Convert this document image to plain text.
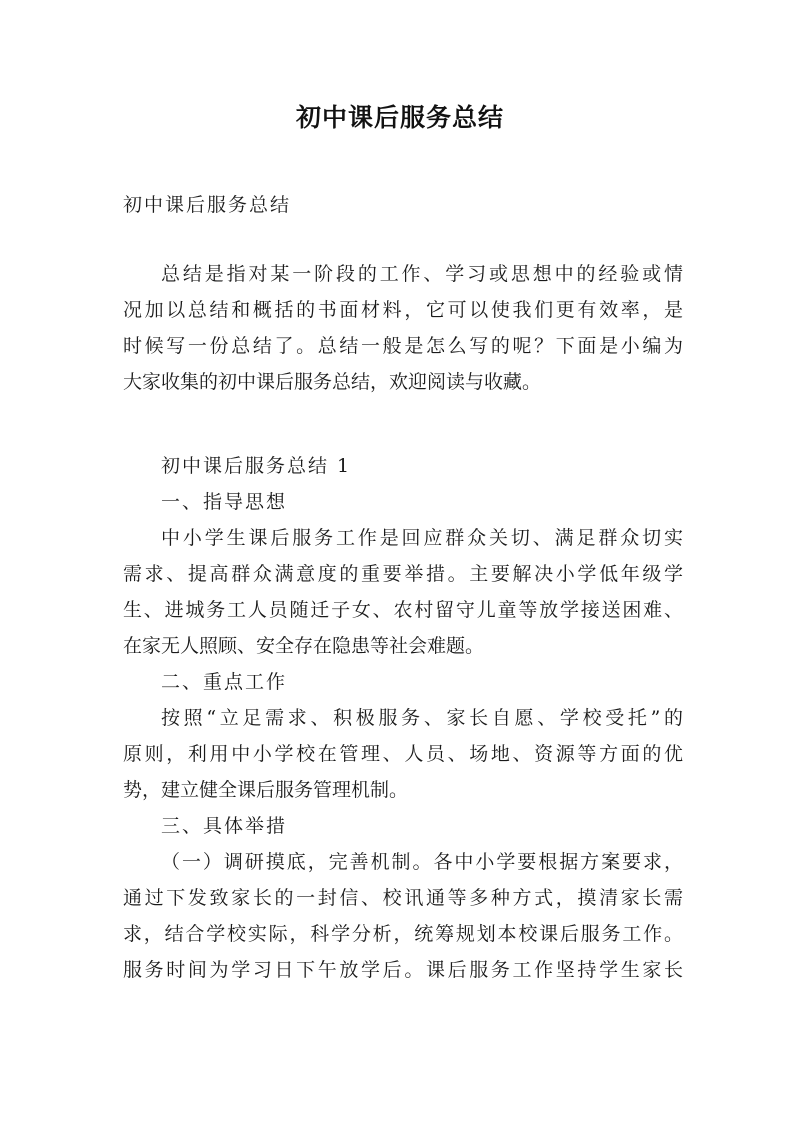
初中课后服务总结
初中课后服务总结
总结是指对某一阶段的工作、学习或思想中的经验或情
况加以总结和概括的书面材料，它可以使我们更有效率，是
时候写一份总结了。总结一般是怎么写的呢？下面是小编为
大家收集的初中课后服务总结，欢迎阅读与收藏。
初中课后服务总结 1
一、指导思想
中小学生课后服务工作是回应群众关切、满足群众切实
需求、提高群众满意度的重要举措。主要解决小学低年级学
生、进城务工人员随迁子女、农村留守儿童等放学接送困难、
在家无人照顾、安全存在隐患等社会难题。
二、重点工作
按照“立足需求、积极服务、家长自愿、学校受托”的
原则，利用中小学校在管理、人员、场地、资源等方面的优
势，建立健全课后服务管理机制。
三、具体举措
（一）调研摸底，完善机制。各中小学要根据方案要求，
通过下发致家长的一封信、校讯通等多种方式，摸清家长需
求，结合学校实际，科学分析，统筹规划本校课后服务工作。
服务时间为学习日下午放学后。课后服务工作坚持学生家长
